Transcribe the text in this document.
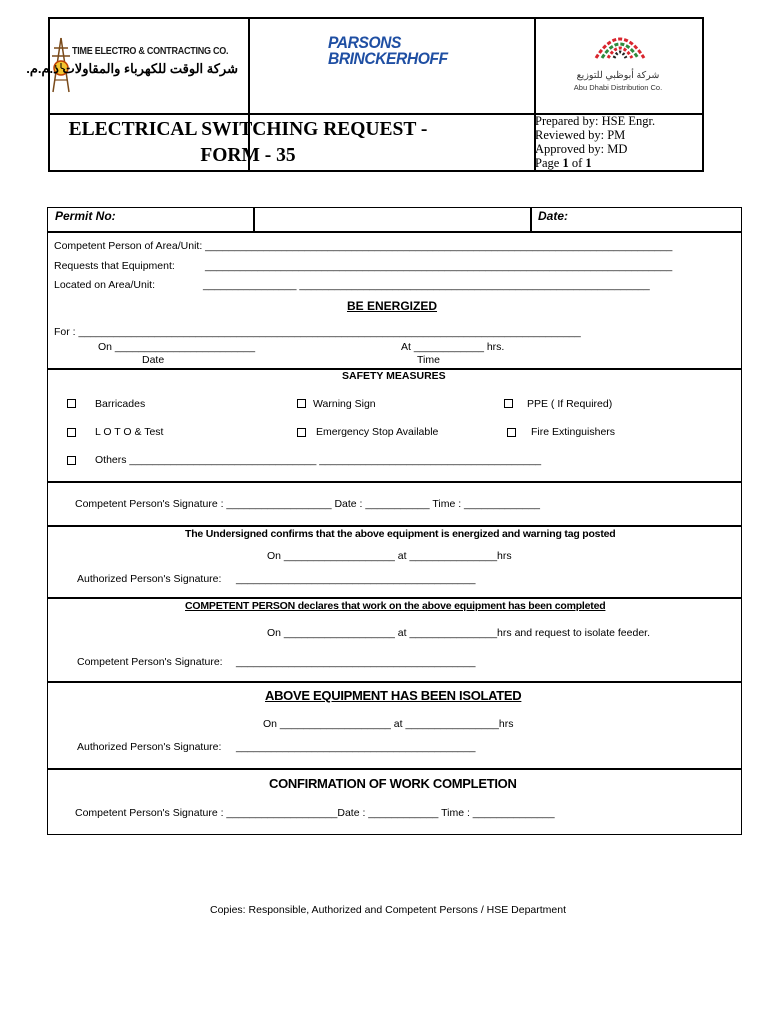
TIME ELECTRO & CONTRACTING CO.
شركة الوقت للكهرباء والمقاولات ذ.م.م.
PARSONS
BRINCKERHOFF
شركة أبوظبي للتوزيع
Abu Dhabi Distribution Co.
ELECTRICAL SWITCHING REQUEST -
FORM - 35
Prepared by: HSE Engr.
Reviewed by: PM
Approved by: MD
Page 1 of 1
Permit No:	Date:
Competent Person of Area/Unit: ________________________________________________________________________________
Requests that Equipment:	________________________________________________________________________________
Located on Area/Unit:	________________ ____________________________________________________________
BE ENERGIZED
For : ______________________________________________________________________________________
On ________________________	At ____________ hrs.
Date	Time
SAFETY MEASURES
Barricades	Warning Sign	PPE ( If Required)
L O T O & Test	Emergency Stop Available	Fire Extinguishers
Others ________________________________ ______________________________________
Competent Person's Signature : __________________ Date : ___________ Time : _____________
The Undersigned confirms that the above equipment is energized and warning tag posted
On ___________________ at _______________hrs
Authorized Person's Signature: _________________________________________
COMPETENT PERSON declares that work on the above equipment has been completed
On ___________________ at _______________hrs and request to isolate feeder.
Competent Person's Signature: _________________________________________
ABOVE EQUIPMENT HAS BEEN ISOLATED
On ___________________ at ________________hrs
Authorized Person's Signature: _________________________________________
CONFIRMATION OF WORK COMPLETION
Competent Person's Signature : ___________________Date : ____________ Time : ______________
Copies: Responsible, Authorized and Competent Persons / HSE Department
